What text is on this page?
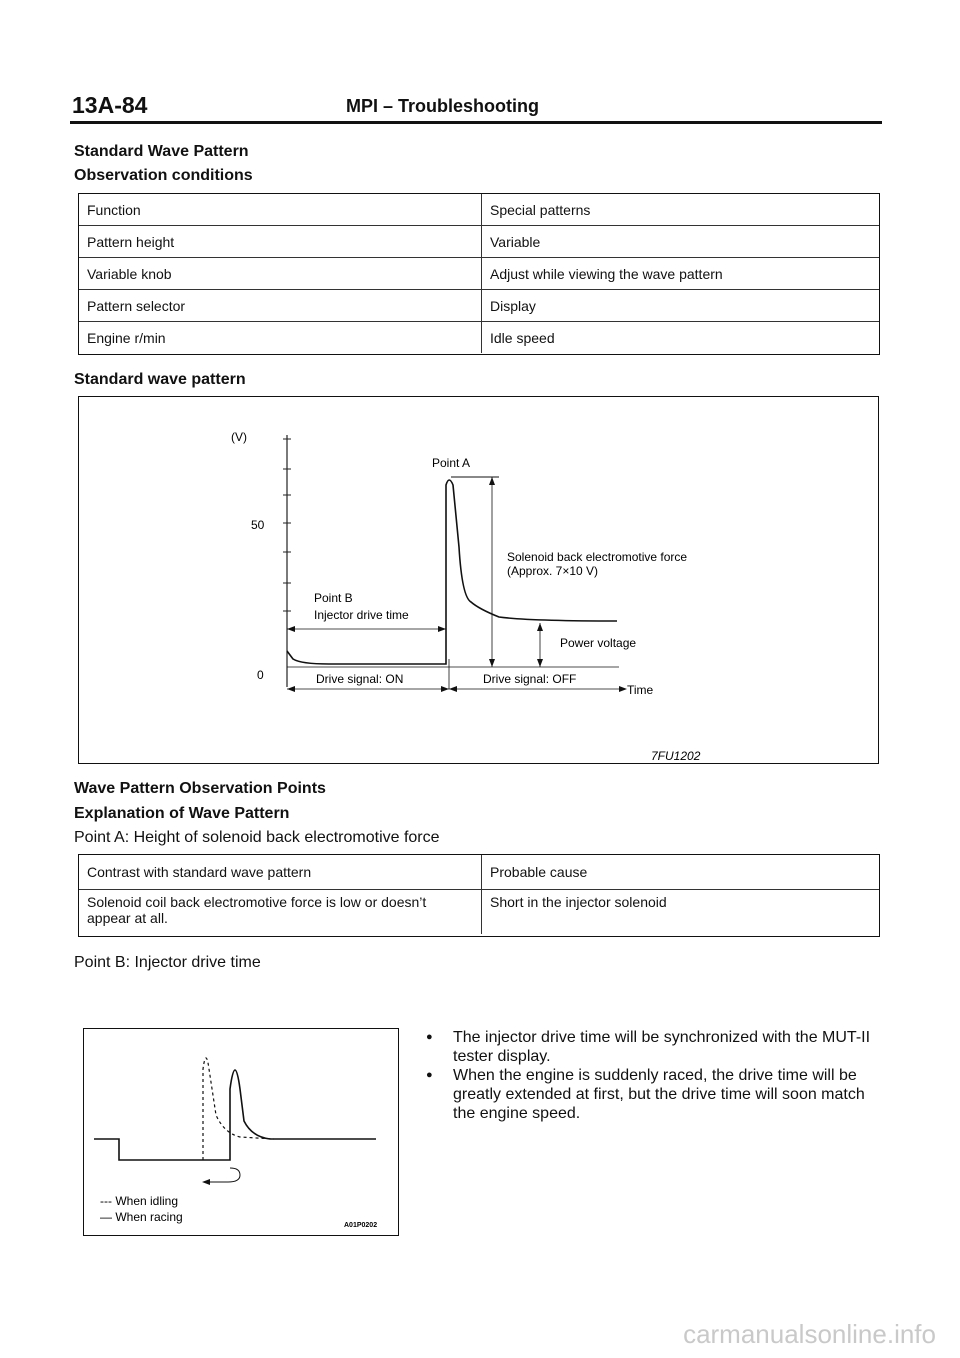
13A-84	MPI – Troubleshooting
Standard Wave Pattern
Observation conditions
Function	Special patterns
Pattern height	Variable
Variable knob	Adjust while viewing the wave pattern
Pattern selector	Display
Engine r/min	Idle speed
Standard wave pattern
(V)
50
0
Point A
Solenoid back electromotive force
(Approx. 7×10 V)
Point B
Injector drive time
Power voltage
Drive signal: ON	Drive signal: OFF
Time
7FU1202
Wave Pattern Observation Points
Explanation of Wave Pattern
Point A: Height of solenoid back electromotive force
Contrast with standard wave pattern	Probable cause
Solenoid coil back electromotive force is low or doesn’t appear at all.	Short in the injector solenoid
Point B: Injector drive time
--- When idling
— When racing
A01P0202
● The injector drive time will be synchronized with the MUT-II tester display.
● When the engine is suddenly raced, the drive time will be greatly extended at first, but the drive time will soon match the engine speed.
carmanualsonline.info
